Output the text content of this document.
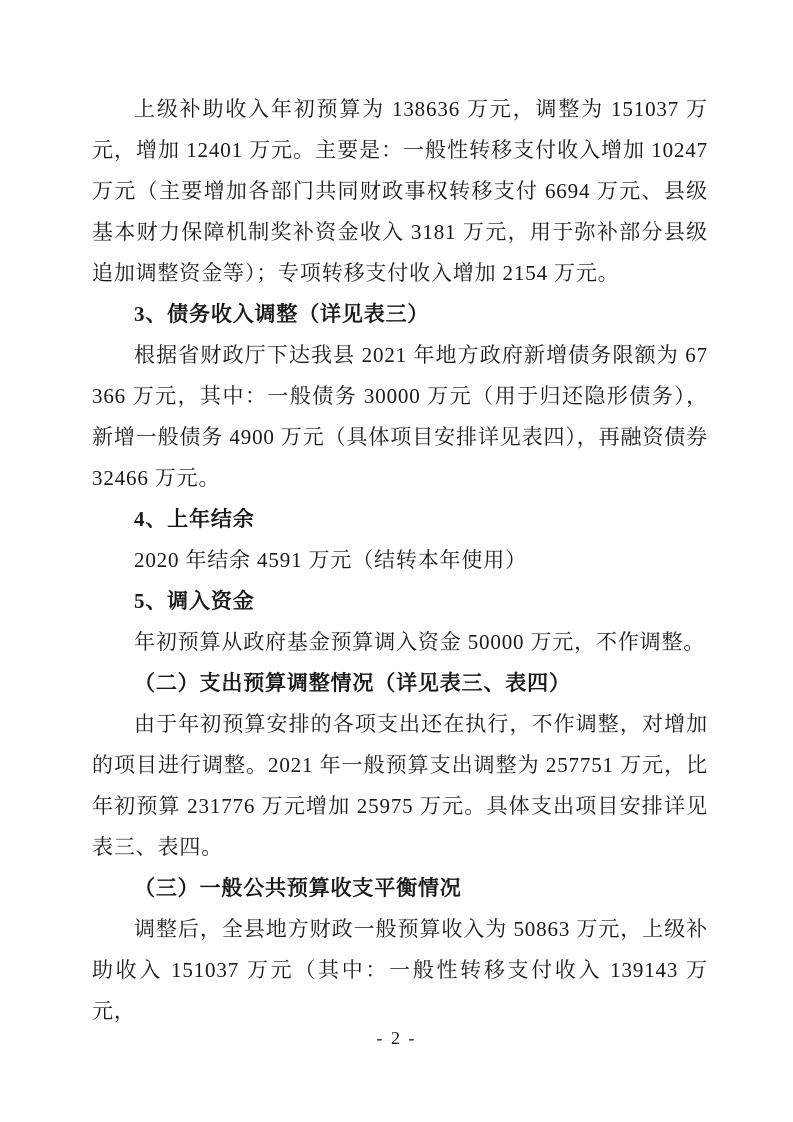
上级补助收入年初预算为 138636 万元，调整为 151037 万元，增加 12401 万元。主要是：一般性转移支付收入增加 10247 万元（主要增加各部门共同财政事权转移支付 6694 万元、县级基本财力保障机制奖补资金收入 3181 万元，用于弥补部分县级追加调整资金等）；专项转移支付收入增加 2154 万元。

3、债务收入调整（详见表三）

根据省财政厅下达我县 2021 年地方政府新增债务限额为 67366 万元，其中：一般债务 30000 万元（用于归还隐形债务），新增一般债务 4900 万元（具体项目安排详见表四），再融资债券 32466 万元。

4、上年结余

2020 年结余 4591 万元（结转本年使用）

5、调入资金

年初预算从政府基金预算调入资金 50000 万元，不作调整。

（二）支出预算调整情况（详见表三、表四）

由于年初预算安排的各项支出还在执行，不作调整，对增加的项目进行调整。2021 年一般预算支出调整为 257751 万元，比年初预算 231776 万元增加 25975 万元。具体支出项目安排详见表三、表四。

（三）一般公共预算收支平衡情况

调整后，全县地方财政一般预算收入为 50863 万元，上级补助收入 151037 万元（其中：一般性转移支付收入 139143 万元，

- 2 -
